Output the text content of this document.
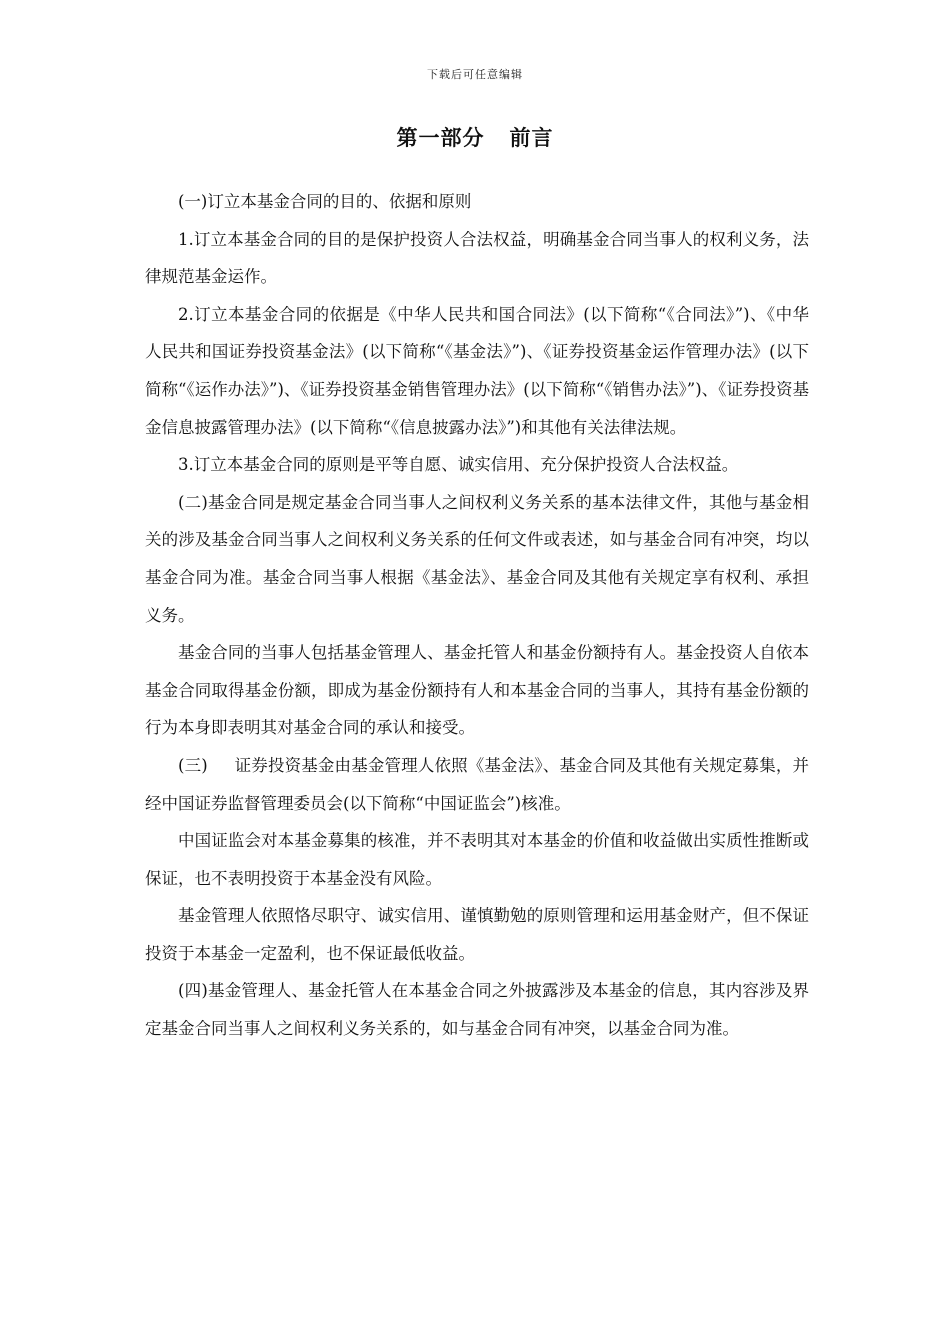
下载后可任意编辑
第一部分   前言

(一)订立本基金合同的目的、依据和原则

1.订立本基金合同的目的是保护投资人合法权益，明确基金合同当事人的权利义务，法律规范基金运作。

2.订立本基金合同的依据是《中华人民共和国合同法》(以下简称“《合同法》”)、《中华人民共和国证券投资基金法》(以下简称“《基金法》”)、《证券投资基金运作管理办法》(以下简称“《运作办法》”)、《证券投资基金销售管理办法》(以下简称“《销售办法》”)、《证券投资基金信息披露管理办法》(以下简称“《信息披露办法》”)和其他有关法律法规。

3.订立本基金合同的原则是平等自愿、诚实信用、充分保护投资人合法权益。

(二)基金合同是规定基金合同当事人之间权利义务关系的基本法律文件，其他与基金相关的涉及基金合同当事人之间权利义务关系的任何文件或表述，如与基金合同有冲突，均以基金合同为准。基金合同当事人根据《基金法》、基金合同及其他有关规定享有权利、承担义务。

基金合同的当事人包括基金管理人、基金托管人和基金份额持有人。基金投资人自依本基金合同取得基金份额，即成为基金份额持有人和本基金合同的当事人，其持有基金份额的行为本身即表明其对基金合同的承认和接受。

(三)     证券投资基金由基金管理人依照《基金法》、基金合同及其他有关规定募集，并经中国证券监督管理委员会(以下简称“中国证监会”)核准。

中国证监会对本基金募集的核准，并不表明其对本基金的价值和收益做出实质性推断或保证，也不表明投资于本基金没有风险。

基金管理人依照恪尽职守、诚实信用、谨慎勤勉的原则管理和运用基金财产，但不保证投资于本基金一定盈利，也不保证最低收益。

(四)基金管理人、基金托管人在本基金合同之外披露涉及本基金的信息，其内容涉及界定基金合同当事人之间权利义务关系的，如与基金合同有冲突，以基金合同为准。
